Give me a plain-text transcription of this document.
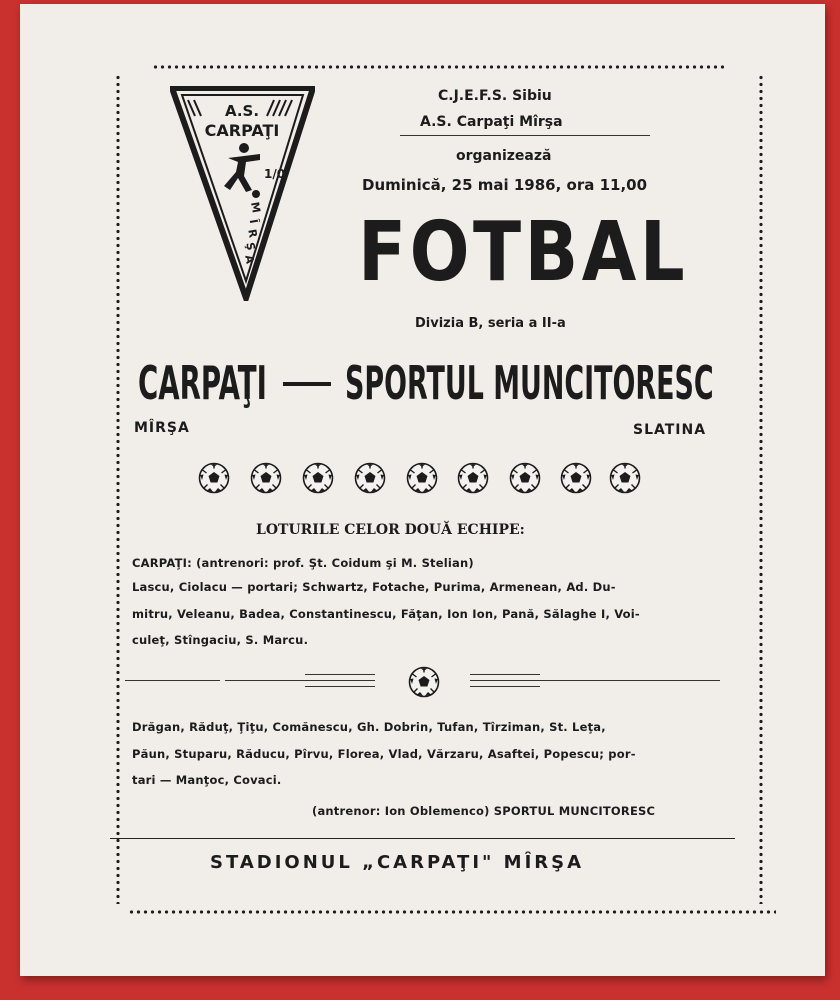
A.S.
CARPAŢI
1/0
M
Î
R
Ş
A
C.J.E.F.S. Sibiu
A.S. Carpaţi Mîrşa
organizează
Duminică, 25 mai 1986, ora 11,00
FOTBAL
Divizia B, seria a II-a
CARPAŢI SPORTUL MUNCITORESC
MÎRŞA	SLATINA
LOTURILE CELOR DOUĂ ECHIPE:
CARPAŢI: (antrenori: prof. Şt. Coidum şi M. Stelian)
Lascu, Ciolacu — portari; Schwartz, Fotache, Purima, Armenean, Ad. Du-
mitru, Veleanu, Badea, Constantinescu, Făţan, Ion Ion, Pană, Sălaghe I, Voi-
culeţ, Stîngaciu, S. Marcu.
Drăgan, Răduţ, Ţiţu, Comănescu, Gh. Dobrin, Tufan, Tîrziman, St. Leţa,
Păun, Stuparu, Răducu, Pîrvu, Florea, Vlad, Vărzaru, Asaftei, Popescu; por-
tari — Manţoc, Covaci.
(antrenor: Ion Oblemenco) SPORTUL MUNCITORESC
STADIONUL „CARPAŢI" MÎRŞA
